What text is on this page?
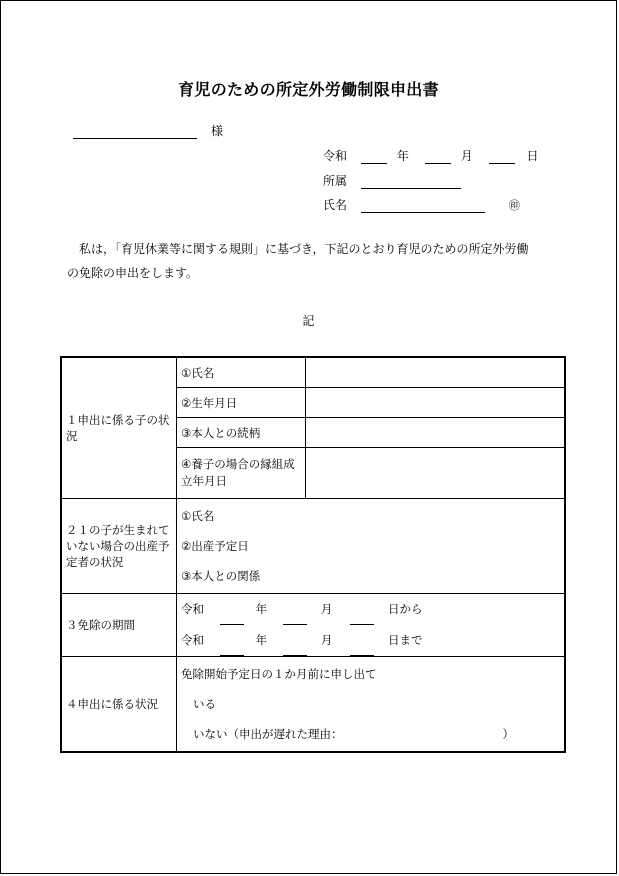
育児のための所定外労働制限申出書
様
令和	年	月	日
所属
氏名	㊞
私は，「育児休業等に関する規則」に基づき，下記のとおり育児のための所定外労働
の免除の申出をします。
記
１申出に係る子の状況	①氏名	
	②生年月日	
	③本人との続柄	
	④養子の場合の縁組成立年月日	
２１の子が生まれていない場合の出産予定者の状況	①氏名
②出産予定日
③本人との関係	

３免除の期間	令和 年 月 日から
令和 年 月 日まで	

４申出に係る状況	免除開始予定日の１か月前に申し出て
いる
いない（申出が遅れた理由： ）	
